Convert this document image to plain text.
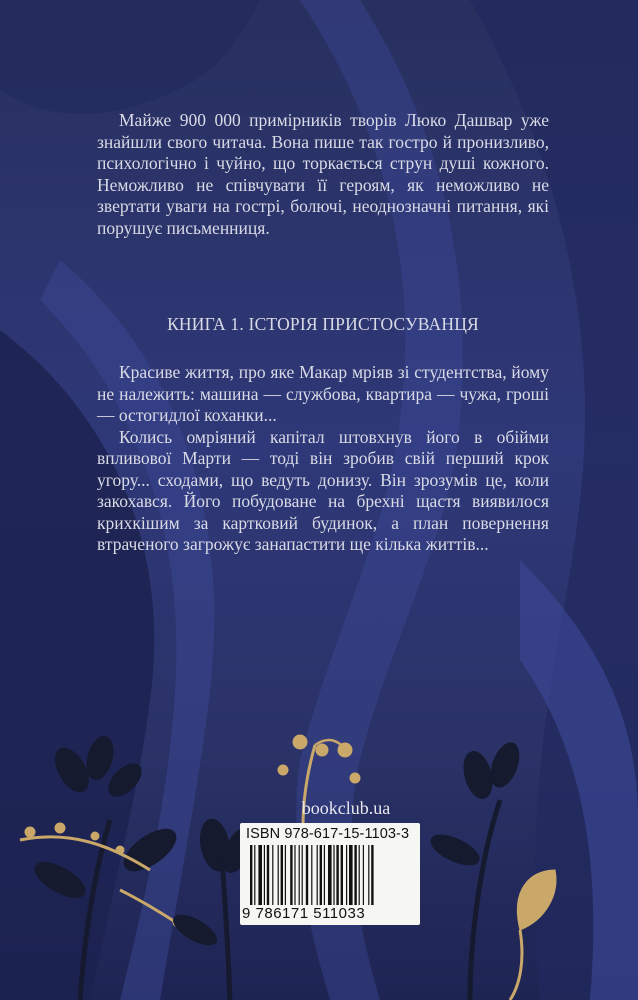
Майже 900 000 примірників творів Люко Дашвар уже знайшли свого читача. Вона пише так гостро й пронизливо, психологічно і чуйно, що торкається струн душі кожного. Неможливо не співчувати її героям, як неможливо не звертати уваги на гострі, болючі, неоднозначні питання, які порушує письменниця.

КНИГА 1. ІСТОРІЯ ПРИСТОСУВАНЦЯ

Красиве життя, про яке Макар мріяв зі студентства, йому не належить: машина — службова, квартира — чужа, гроші — остогидлої коханки...

Колись омріяний капітал штовхнув його в обійми впливової Марти — тоді він зробив свій перший крок угору... сходами, що ведуть донизу. Він зрозумів це, коли закохався. Його побудоване на брехні щастя виявилося крихкішим за картковий будинок, а план повернення втраченого загрожує занапастити ще кілька життів...

bookclub.ua
ISBN 978-617-15-1103-3
9 786171 511033
